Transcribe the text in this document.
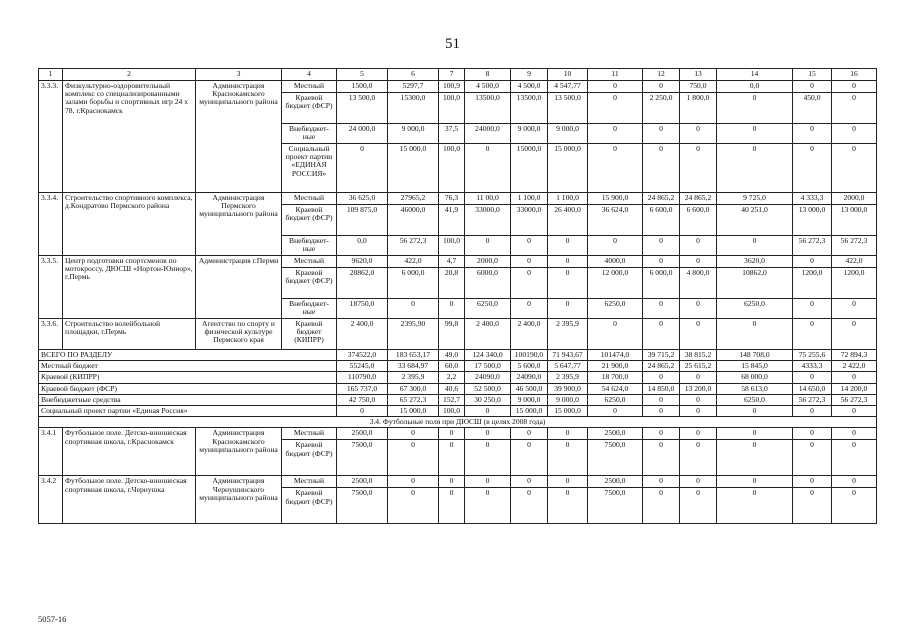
51
1	2	3	4	5	6	7	8	9	10	11	12	13	14	15	16
3.3.3.	Физкультурно-оздоровительный комплекс со специализированными залами борьбы и спортивных игр 24 х 78, г.Краснокамск	Администрация Краснокамского муниципального района	Местный	1500,0	5297,7	100,9	4 500,0	4 500,0	4 547,77	0	0	750,0	0,0	0	0
			Краевой бюджет (ФСР)	13 500,0	15300,0	100,0	13500,0	13500,0	13 500,0	0	2 250,0	1 800,0	0	450,0	0
			Внебюджет-ные	24 000,0	9 000,0	37,5	24000,0	9 000,0	9 000,0	0	0	0	0	0	0
			Социальный проект партии «ЕДИНАЯ РОССИЯ»	0	15 000,0	100,0	0	15000,0	15 000,0	0	0	0	0	0	0
3.3.4.	Строительство спортивного комплекса, д.Кондратово Пермского района	Администрация Пермского муниципального района	Местный	36 625,0	27965,2	76,3	11 00,0	1 100,0	1 100,0	15 900,0	24 865,2	24 865,2	9 725,0	4 333,3	2000,0
			Краевой бюджет (ФСР)	109 875,0	46000,0	41,9	33000,0	33000,0	26 400,0	36 624,0	6 600,0	6 600,0	40 251,0	13 000,0	13 000,0
			Внебюджет-ные	0,0	56 272,3	100,0	0	0	0	0	0	0	0	56 272,3	56 272,3
3.3.5.	Центр подготовки спортсменов по мотокроссу, ДЮСШ «Нортон-Юниор», г.Пермь	Администрация г.Перми	Местный	9620,0	422,0	4,7	2000,0	0	0	4000,0	0	0	3620,0	0	422,0
			Краевой бюджет (ФСР)	28862,0	6 000,0	20,8	6000,0	0	0	12 000,0	6 000,0	4 800,0	10862,0	1200,0	1200,0
			Внебюджет-ные	18750,0	0	0	6250,0	0	0	6250,0	0	0	6250,0	0	0
3.3.6.	Строительство волейбольной площадки, г.Пермь	Агентство по спорту и физической культуре Пермского края	Краевой бюджет (КИПРР)	2 400,0	2395,90	99,8	2 400,0	2 400,0	2 395,9	0	0	0	0	0	0
ВСЕГО ПО РАЗДЕЛУ				374522,0	183 653,17	49,0	124 340,0	100190,0	71 943,67	101474,0	39 715,2	38 815,2	148 708,0	75 255,6	72 894,3
Местный бюджет				55245,0	33 684,97	60,0	17 500,0	5 600,0	5 647,77	21 900,0	24 865,2	25 615,2	15 845,0	4333,3	2 422,0
Краевой (КИПРР)				110790,0	2 395,9	2,2	24090,0	24090,0	2 395,9	18 700,0	0	0	68 000,0	0	0
Краевой бюджет (ФСР)				165 737,0	67 300,0	40,6	52 500,0	46 500,0	39 900,0	54 624,0	14 850,0	13 200,0	58 613,0	14 650,0	14 200,0
Внебюджетные средства				42 750,0	65 272,3	152,7	30 250,0	9 000,0	9 000,0	6250,0	0	0	6250,0	56 272,3	56 272,3
Социальный проект партии «Единая Россия»				0	15 000,0	100,0	0	15 000,0	15 000,0	0	0	0	0	0	0
3.4. Футбольные поля при ДЮСШ (в целях 2008 года)															
3.4.1	Футбольное поле. Детско-юношеская спортивная школа, г.Краснокамск	Администрация Краснокамского муниципального района	Местный	2500,0	0	0	0	0	0	2500,0	0	0	0	0	0
			Краевой бюджет (ФСР)	7500,0	0	0	0	0	0	7500,0	0	0	0	0	0
3.4.2	Футбольное поле. Детско-юношеская спортивная школа, г.Чернушка	Администрация Чернушинского муниципального района	Местный	2500,0	0	0	0	0	0	2500,0	0	0	0	0	0
			Краевой бюджет (ФСР)	7500,0	0	0	0	0	0	7500,0	0	0	0	0	0
5057-16
